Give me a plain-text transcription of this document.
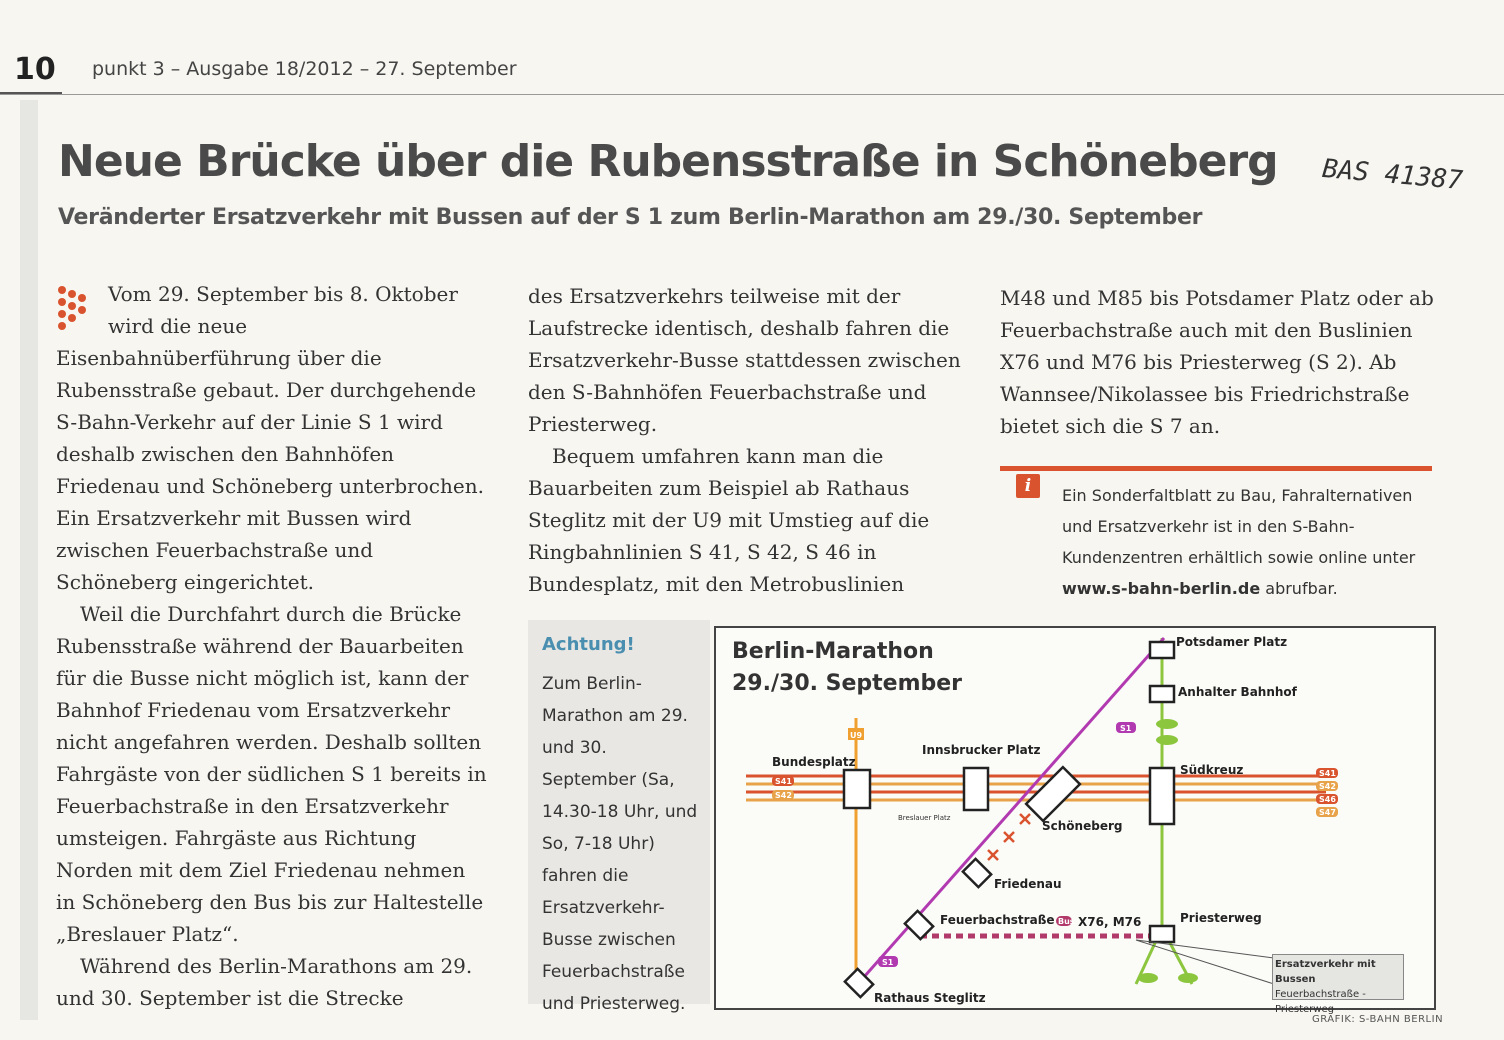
10 punkt 3 – Ausgabe 18/2012 – 27. September
Neue Brücke über die Rubensstraße in Schöneberg
Veränderter Ersatzverkehr mit Bussen auf der S 1 zum Berlin-Marathon am 29./30. September
BAS 41387

Vom 29. September bis 8. Oktober wird die neue Eisenbahnüberführung über die Rubensstraße gebaut. Der durchgehende S-Bahn-Verkehr auf der Linie S 1 wird deshalb zwischen den Bahnhöfen Friedenau und Schöneberg unterbrochen. Ein Ersatzverkehr mit Bussen wird zwischen Feuerbachstraße und Schöneberg eingerichtet.

Weil die Durchfahrt durch die Brücke Rubensstraße während der Bauarbeiten für die Busse nicht möglich ist, kann der Bahnhof Friedenau vom Ersatzverkehr nicht angefahren werden. Deshalb sollten Fahrgäste von der südlichen S 1 bereits in Feuerbachstraße in den Ersatzverkehr umsteigen. Fahrgäste aus Richtung Norden mit dem Ziel Friedenau nehmen in Schöneberg den Bus bis zur Haltestelle „Breslauer Platz“.

Während des Berlin-Marathons am 29. und 30. September ist die Strecke

des Ersatzverkehrs teilweise mit der Laufstrecke identisch, deshalb fahren die Ersatzverkehr-Busse stattdessen zwischen den S-Bahnhöfen Feuerbachstraße und Priesterweg.

Bequem umfahren kann man die Bauarbeiten zum Beispiel ab Rathaus Steglitz mit der U9 mit Umstieg auf die Ringbahnlinien S 41, S 42, S 46 in Bundesplatz, mit den Metrobuslinien

M48 und M85 bis Potsdamer Platz oder ab Feuerbachstraße auch mit den Buslinien X76 und M76 bis Priesterweg (S 2). Ab Wannsee/Nikolassee bis Friedrichstraße bietet sich die S 7 an.

i	Ein Sonderfaltblatt zu Bau, Fahralternativen und Ersatzverkehr ist in den S-Bahn-Kundenzentren erhältlich sowie online unter www.s-bahn-berlin.de abrufbar.

Achtung!

Zum Berlin-Marathon am 29. und 30. September (Sa, 14.30-18 Uhr, und So, 7-18 Uhr) fahren die Ersatzverkehr-Busse zwischen Feuerbachstraße und Priesterweg.

U9
S41
S42
S41
S42
S46
S47
S1
S1
Bus X76, M76
Potsdamer Platz
Anhalter Bahnhof
Südkreuz
Bundesplatz
Innsbrucker Platz
Breslauer Platz
Schöneberg
Friedenau
Feuerbachstraße	Priesterweg
Rathaus Steglitz
Berlin-Marathon
29./30. September
Ersatzverkehr mit Bussen
Feuerbachstraße - Priesterweg
GRAFIK: S-BAHN BERLIN
